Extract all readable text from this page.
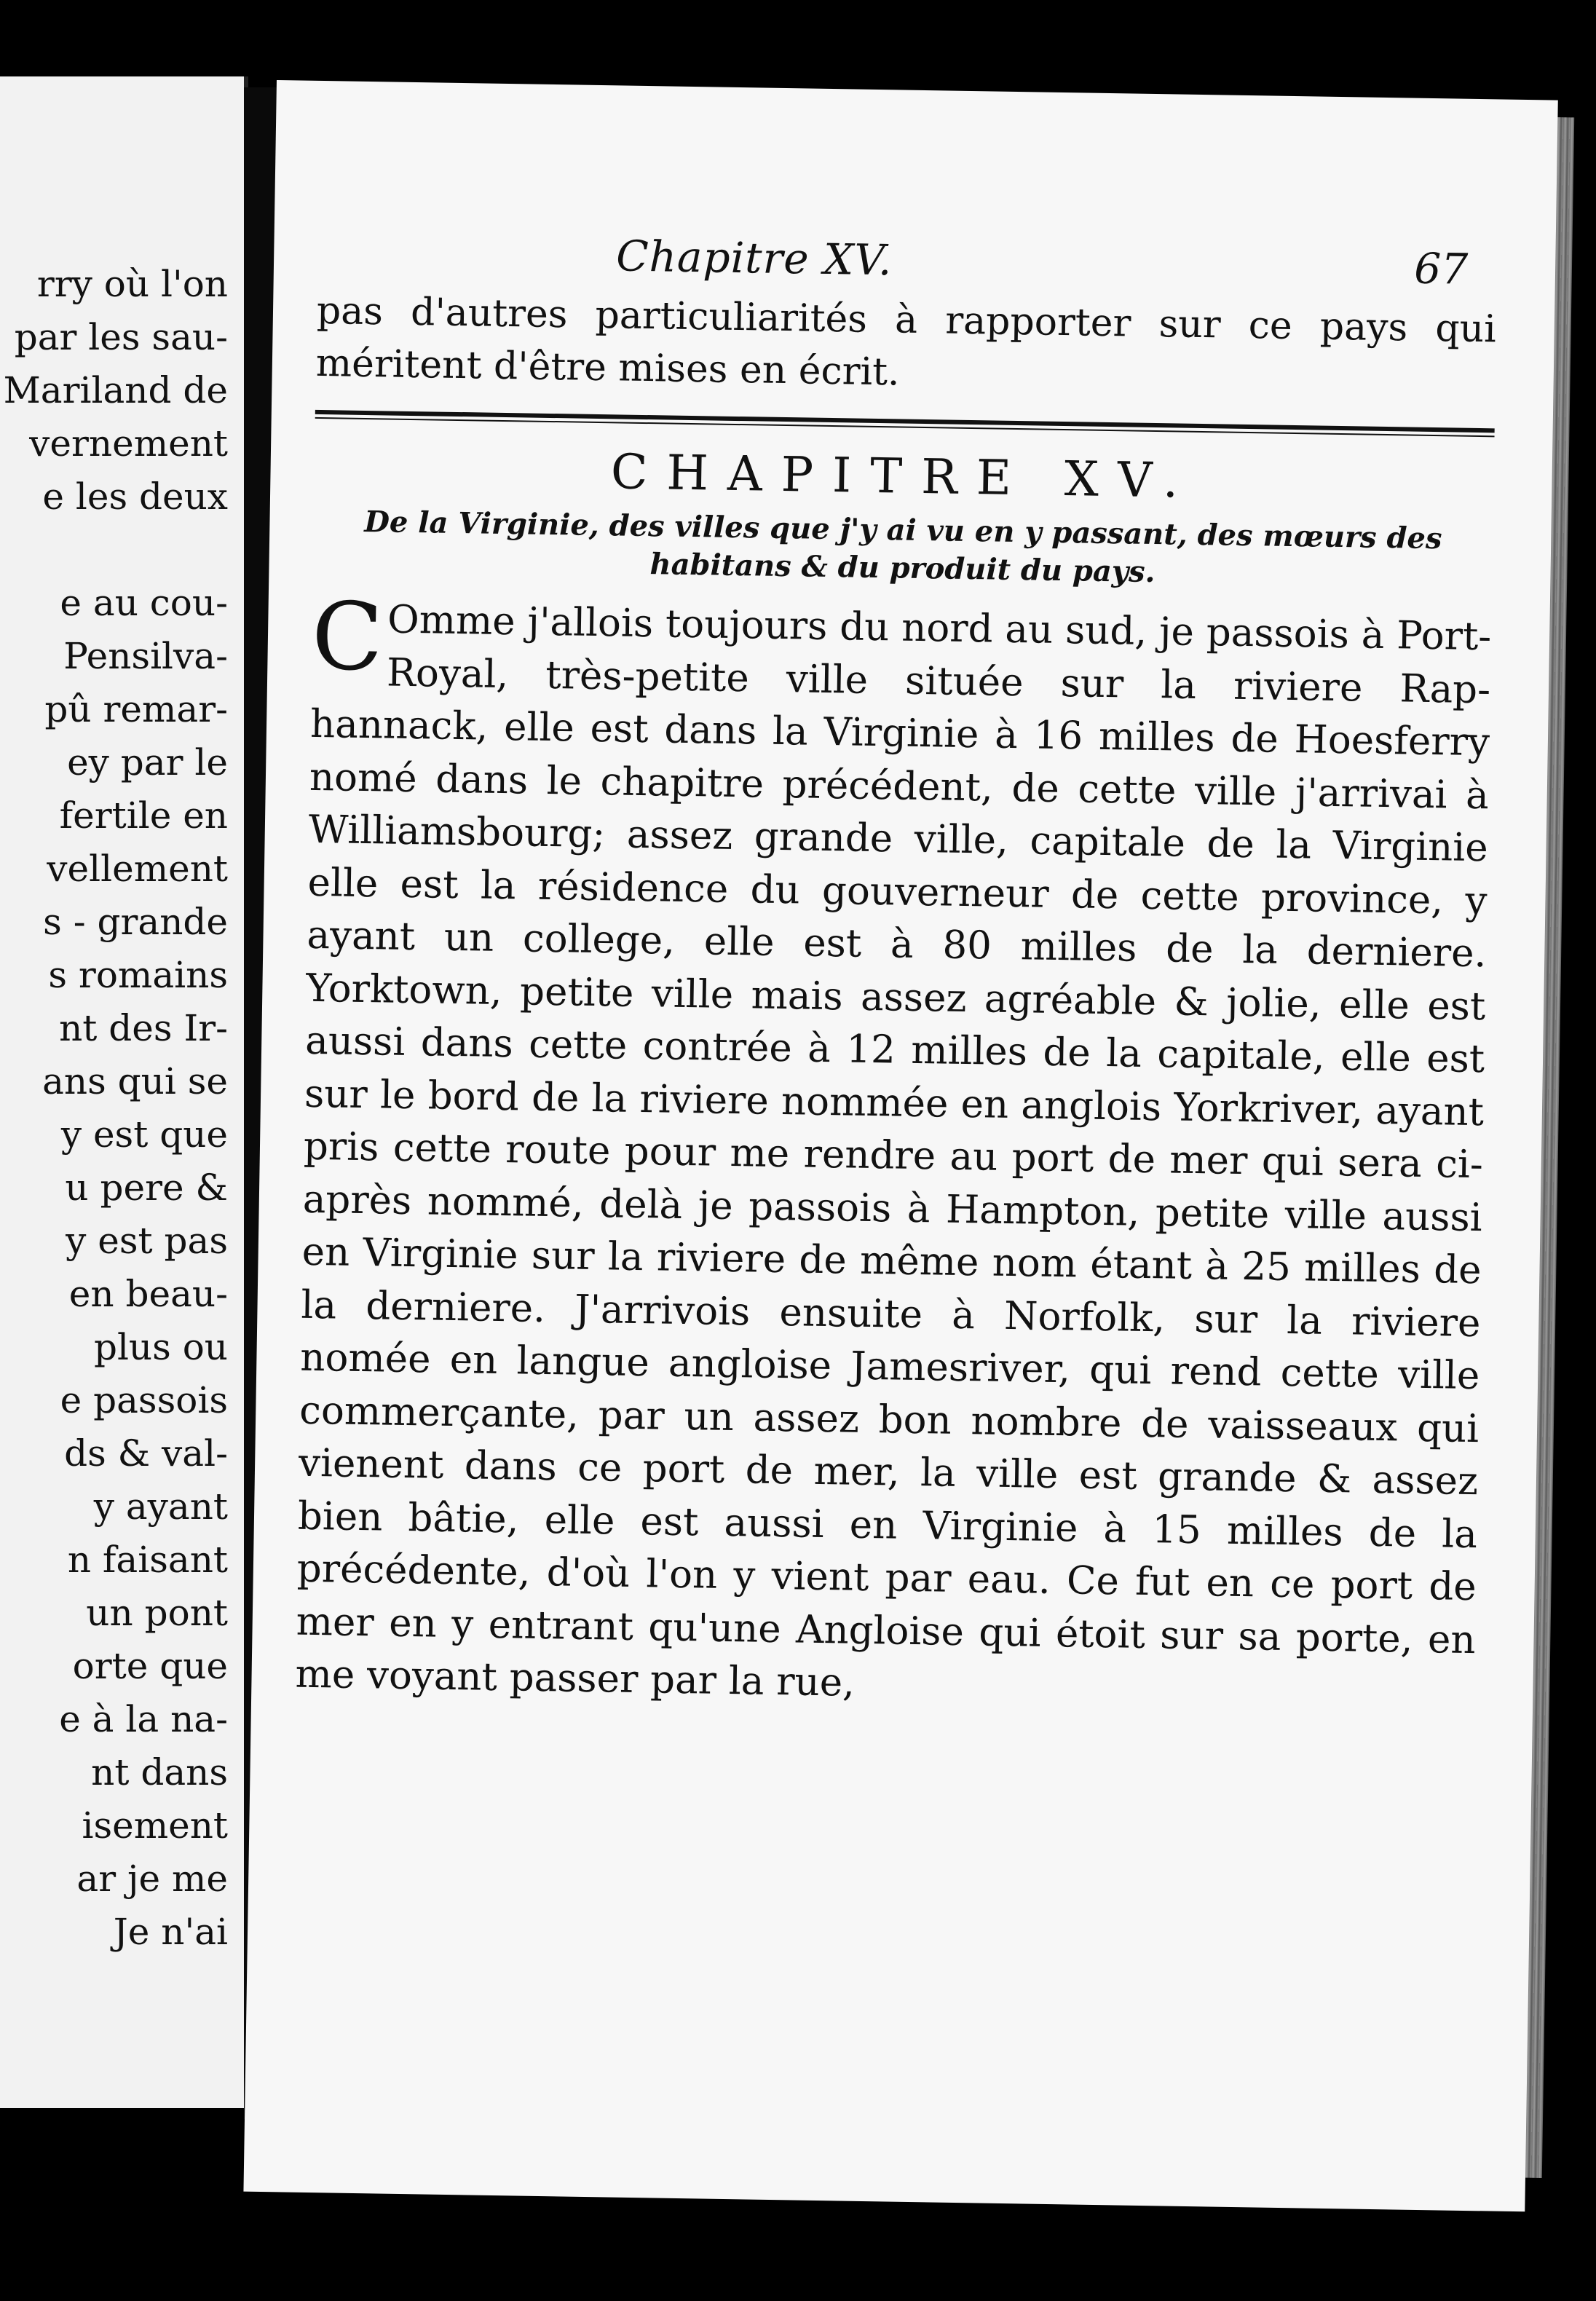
rry où l'on
par les sau-
Mariland de
vernement
e les deux
e au cou-
Pensilva-
pû remar-
ey par le
fertile en
vellement
s - grande
s romains
nt des Ir-
ans qui se
y est que
u pere &
y est pas
en beau-
plus ou
e passois
ds & val-
y ayant
n faisant
un pont
orte que
e à la na-
nt dans
isement
ar je me
Je n'ai
Chapitre XV.	67

pas d'autres particuliarités à rapporter sur ce pays qui méritent d'être mises en écrit.

CHAPITRE XV.
De la Virginie, des villes que j'y ai vu en y passant, des mœurs des habitans & du produit du pays.

C Omme j'allois toujours du nord au sud, je passois à Port-Royal, très-petite ville située sur la riviere Rap-hannack, elle est dans la Virginie à 16 milles de Hoesferry nomé dans le chapitre précédent, de cette ville j'arrivai à Williamsbourg; assez grande ville, capitale de la Virginie elle est la résidence du gouverneur de cette province, y ayant un college, elle est à 80 milles de la derniere. Yorktown, petite ville mais assez agréable & jolie, elle est aussi dans cette contrée à 12 milles de la capitale, elle est sur le bord de la riviere nommée en anglois Yorkriver, ayant pris cette route pour me rendre au port de mer qui sera ci-après nommé, delà je passois à Hampton, petite ville aussi en Virginie sur la riviere de même nom étant à 25 milles de la derniere. J'arrivois ensuite à Norfolk, sur la riviere nomée en langue angloise Jamesriver, qui rend cette ville commerçante, par un assez bon nombre de vaisseaux qui vienent dans ce port de mer, la ville est grande & assez bien bâtie, elle est aussi en Virginie à 15 milles de la précédente, d'où l'on y vient par eau. Ce fut en ce port de mer en y entrant qu'une Angloise qui étoit sur sa porte, en me voyant passer par la rue,
